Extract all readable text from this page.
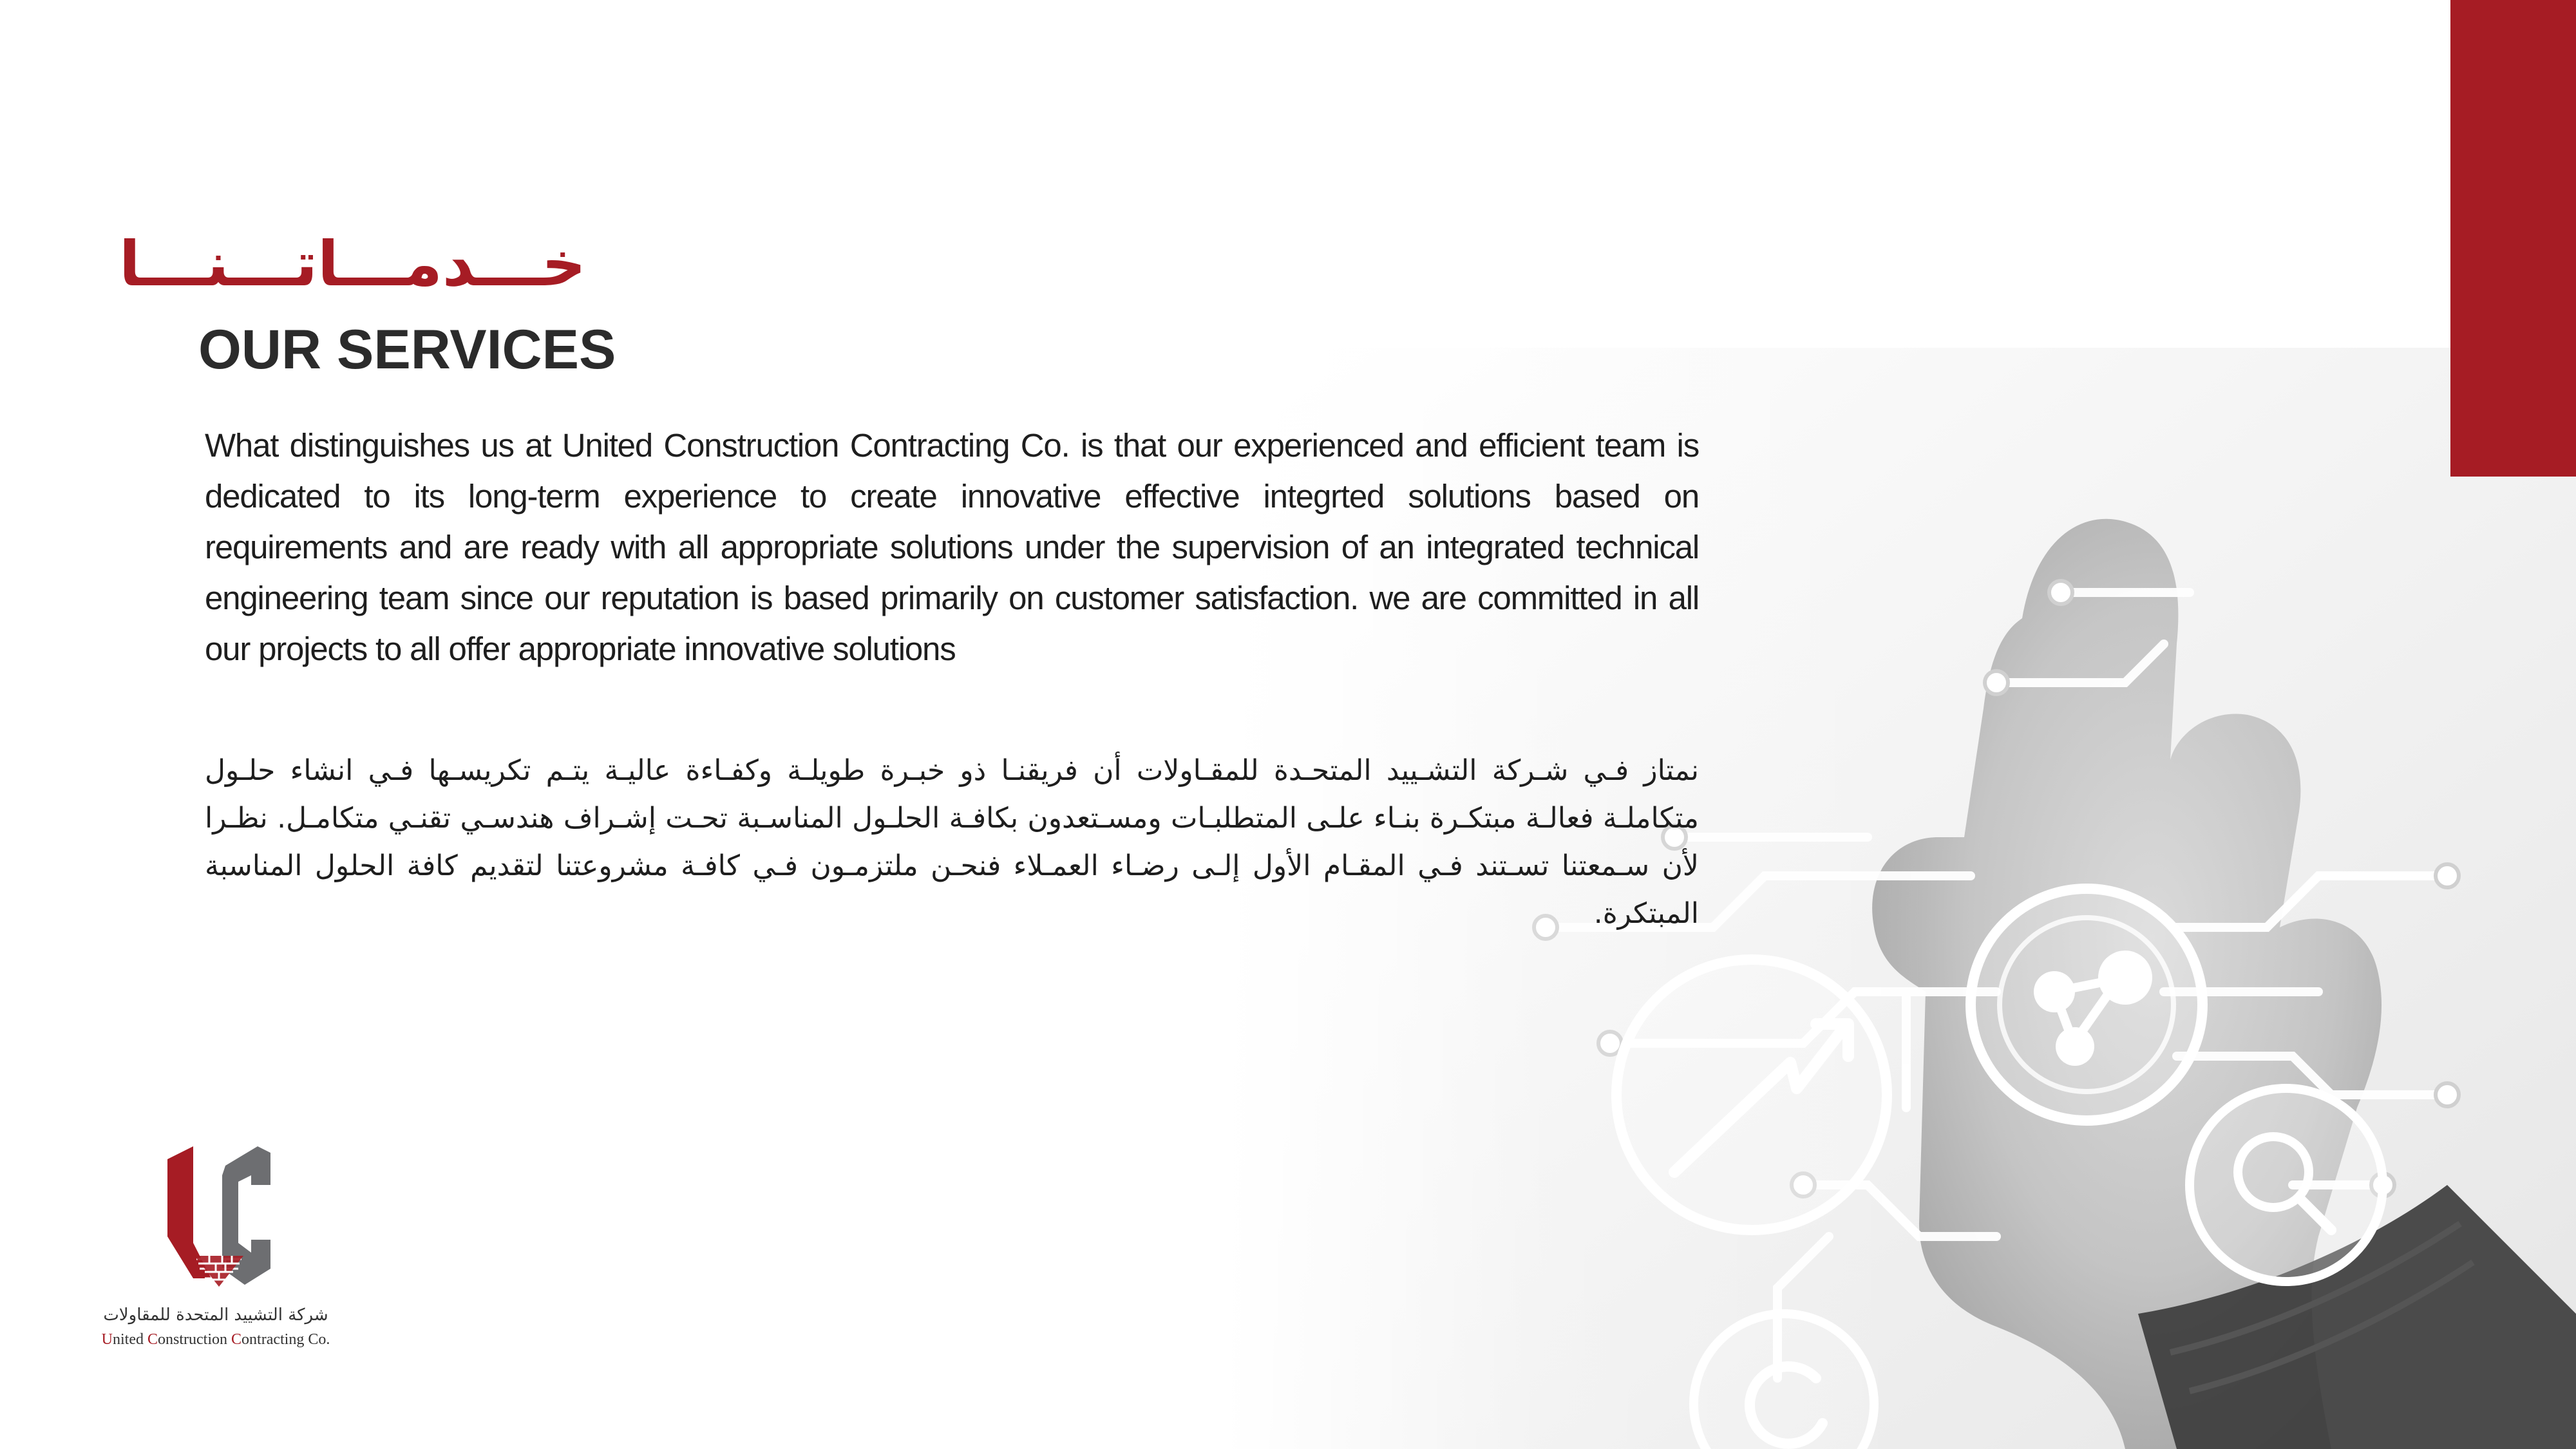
خـــدمـــاتـــنـــا
OUR SERVICES
What distinguishes us at United Construction Contracting Co. is that our experienced and efficient team is dedicated to its long-term experience to create innovative effective integrted solutions based on requirements and are ready with all appropriate solutions under the supervision of an integrated technical engineering team since our reputation is based primarily on customer satisfaction. we are committed in all our projects to all offer appropriate innovative solutions
نمتاز فـي شـركة التشـييد المتحـدة للمقـاولات أن فريقنـا ذو خبـرة طويلـة وكفـاءة عاليـة يتـم تكريسـها فـي انشاء حلـول متكاملـة فعالـة مبتكـرة بنـاء علـى المتطلبـات ومسـتعدون بكافـة الحلـول المناسـبة تحـت إشـراف هندسـي تقنـي متكامـل. نظـرا لأن سـمعتنا تسـتند فـي المقـام الأول إلـى رضـاء العمـلاء فنحـن ملتزمـون فـي كافـة مشروعتنا لتقديم كافة الحلول المناسبة المبتكرة.
شركة التشييد المتحدة للمقاولات
United Construction Contracting Co.
